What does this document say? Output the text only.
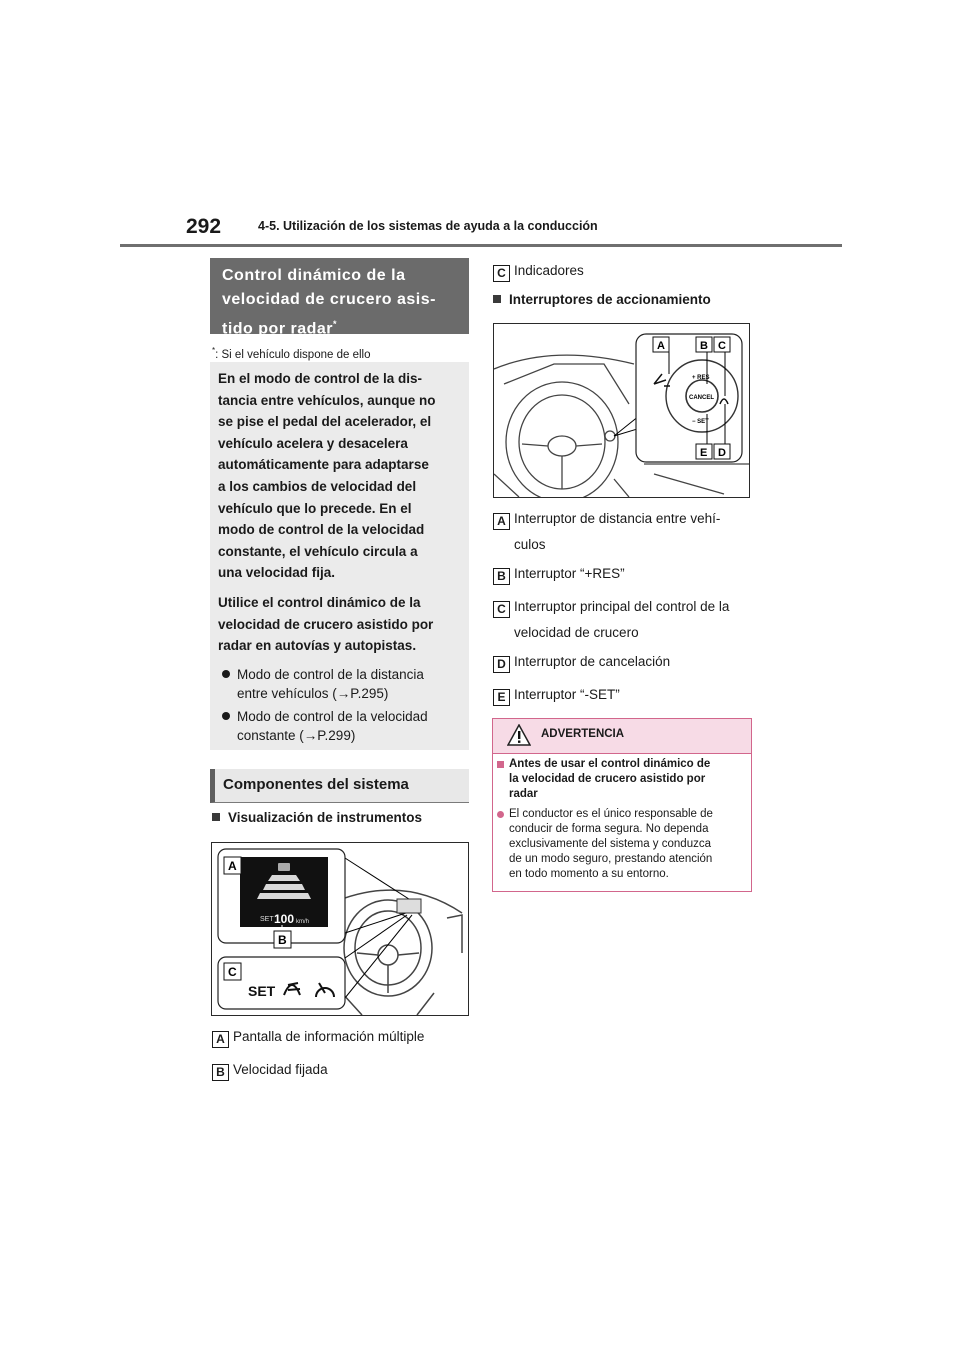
292	4-5. Utilización de los sistemas de ayuda a la conducción
Control dinámico de la
velocidad de crucero asis-
tido por radar*
*: Si el vehículo dispone de ello
En el modo de control de la dis-
tancia entre vehículos, aunque no
se pise el pedal del acelerador, el
vehículo acelera y desacelera
automáticamente para adaptarse
a los cambios de velocidad del
vehículo que lo precede. En el
modo de control de la velocidad
constante, el vehículo circula a
una velocidad fija.
Utilice el control dinámico de la
velocidad de crucero asistido por
radar en autovías y autopistas.
Modo de control de la distancia
entre vehículos (→P.295)
Modo de control de la velocidad
constante (→P.299)
Componentes del sistema
Visualización de instrumentos
SET 100 km/h
SET
A
B
C
A Pantalla de información múltiple
B Velocidad fijada
C Indicadores
Interruptores de accionamiento
CANCEL
+ RES
− SET
A	B C
E D
A Interruptor de distancia entre vehí-
culos
B Interruptor “+RES”
C Interruptor principal del control de la
velocidad de crucero
D Interruptor de cancelación
E Interruptor “-SET”
ADVERTENCIA
Antes de usar el control dinámico de
la velocidad de crucero asistido por
radar
El conductor es el único responsable de
conducir de forma segura. No dependa
exclusivamente del sistema y conduzca
de un modo seguro, prestando atención
en todo momento a su entorno.
